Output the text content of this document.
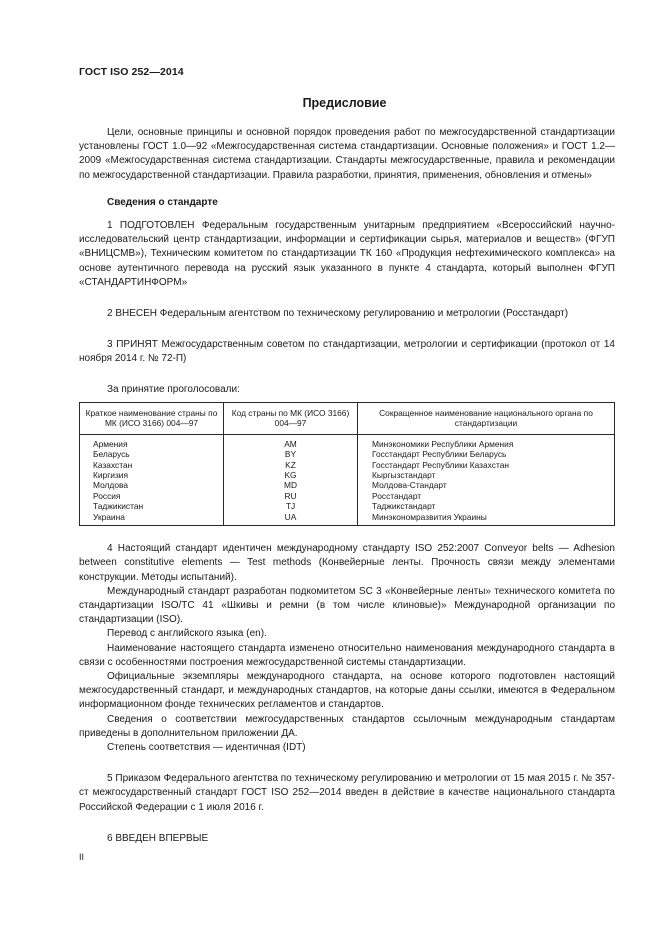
ГОСТ ISO 252—2014
Предисловие

Цели, основные принципы и основной порядок проведения работ по межгосударственной стандартизации установлены ГОСТ 1.0—92 «Межгосударственная система стандартизации. Основные положения» и ГОСТ 1.2—2009 «Межгосударственная система стандартизации. Стандарты межгосударственные, правила и рекомендации по межгосударственной стандартизации. Правила разработки, принятия, применения, обновления и отмены»

Сведения о стандарте

1 ПОДГОТОВЛЕН Федеральным государственным унитарным предприятием «Всероссийский научно-исследовательский центр стандартизации, информации и сертификации сырья, материалов и веществ» (ФГУП «ВНИЦСМВ»), Техническим комитетом по стандартизации ТК 160 «Продукция нефтехимического комплекса» на основе аутентичного перевода на русский язык указанного в пункте 4 стандарта, который выполнен ФГУП «СТАНДАРТИНФОРМ»

2 ВНЕСЕН Федеральным агентством по техническому регулированию и метрологии (Росстандарт)

3 ПРИНЯТ Межгосударственным советом по стандартизации, метрологии и сертификации (протокол от 14 ноября 2014 г. № 72-П)

За принятие проголосовали:

Краткое наименование страны по МК (ИСО 3166) 004—97	Код страны по МК (ИСО 3166) 004—97	Сокращенное наименование национального органа по стандартизации
Армения	AM	Минэкономики Республики Армения
Беларусь	BY	Госстандарт Республики Беларусь
Казахстан	KZ	Госстандарт Республики Казахстан
Киргизия	KG	Кыргызстандарт
Молдова	MD	Молдова-Стандарт
Россия	RU	Росстандарт
Таджикистан	TJ	Таджикстандарт
Украина	UA	Минэкономразвития Украины

4 Настоящий стандарт идентичен международному стандарту ISO 252:2007 Conveyor belts — Adhesion between constitutive elements — Test methods (Конвейерные ленты. Прочность связи между элементами конструкции. Методы испытаний).

Международный стандарт разработан подкомитетом SC 3 «Конвейерные ленты» технического комитета по стандартизации ISO/TC 41 «Шкивы и ремни (в том числе клиновые)» Международной организации по стандартизации (ISO).

Перевод с английского языка (en).

Наименование настоящего стандарта изменено относительно наименования международного стандарта в связи с особенностями построения межгосударственной системы стандартизации.

Официальные экземпляры международного стандарта, на основе которого подготовлен настоящий межгосударственный стандарт, и международных стандартов, на которые даны ссылки, имеются в Федеральном информационном фонде технических регламентов и стандартов.

Сведения о соответствии межгосударственных стандартов ссылочным международным стандартам приведены в дополнительном приложении ДА.

Степень соответствия — идентичная (IDT)

5 Приказом Федерального агентства по техническому регулированию и метрологии от 15 мая 2015 г. № 357-ст межгосударственный стандарт ГОСТ ISO 252—2014 введен в действие в качестве национального стандарта Российской Федерации с 1 июля 2016 г.

6 ВВЕДЕН ВПЕРВЫЕ

II
